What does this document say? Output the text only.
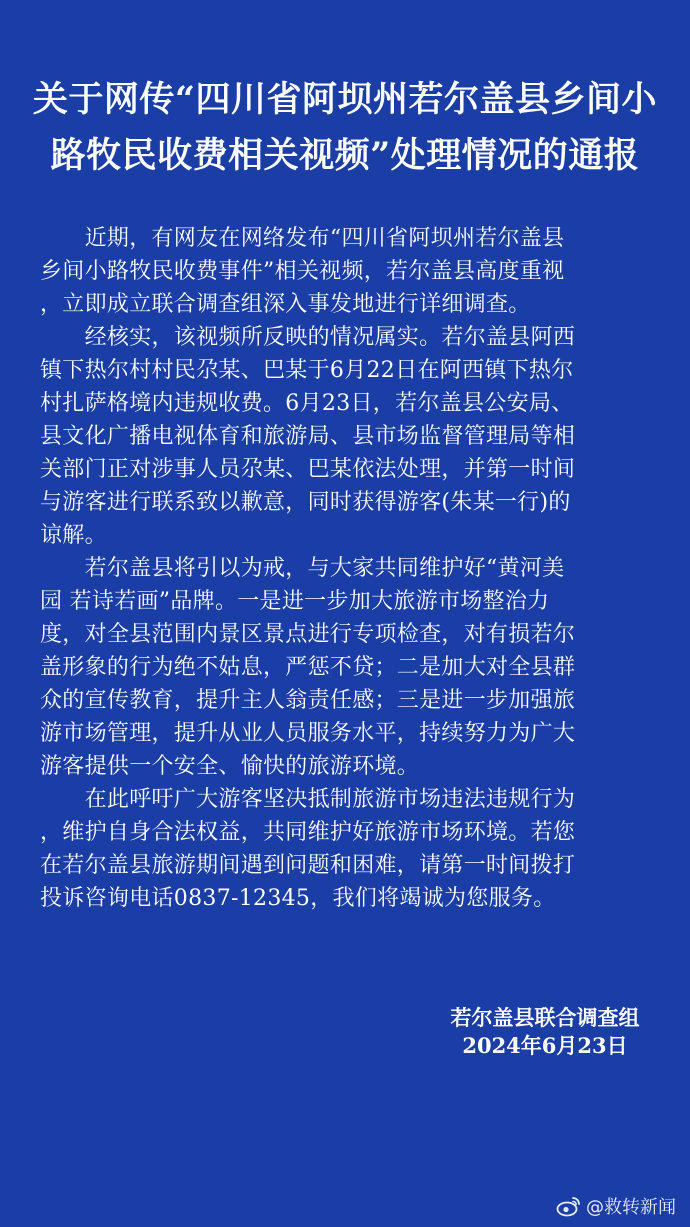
关于网传“四川省阿坝州若尔盖县乡间小
路牧民收费相关视频”处理情况的通报
　　近期，有网友在网络发布“四川省阿坝州若尔盖县
乡间小路牧民收费事件”相关视频，若尔盖县高度重视
，立即成立联合调查组深入事发地进行详细调查。
　　经核实，该视频所反映的情况属实。若尔盖县阿西
镇下热尔村村民尕某、巴某于6月22日在阿西镇下热尔
村扎萨格境内违规收费。6月23日，若尔盖县公安局、
县文化广播电视体育和旅游局、县市场监督管理局等相
关部门正对涉事人员尕某、巴某依法处理，并第一时间
与游客进行联系致以歉意，同时获得游客(朱某一行)的
谅解。
　　若尔盖县将引以为戒，与大家共同维护好“黄河美
园 若诗若画”品牌。一是进一步加大旅游市场整治力
度，对全县范围内景区景点进行专项检查，对有损若尔
盖形象的行为绝不姑息，严惩不贷；二是加大对全县群
众的宣传教育，提升主人翁责任感；三是进一步加强旅
游市场管理，提升从业人员服务水平，持续努力为广大
游客提供一个安全、愉快的旅游环境。
　　在此呼吁广大游客坚决抵制旅游市场违法违规行为
，维护自身合法权益，共同维护好旅游市场环境。若您
在若尔盖县旅游期间遇到问题和困难，请第一时间拨打
投诉咨询电话0837-12345，我们将竭诚为您服务。
若尔盖县联合调查组
2024年6月23日
@救转新闻
